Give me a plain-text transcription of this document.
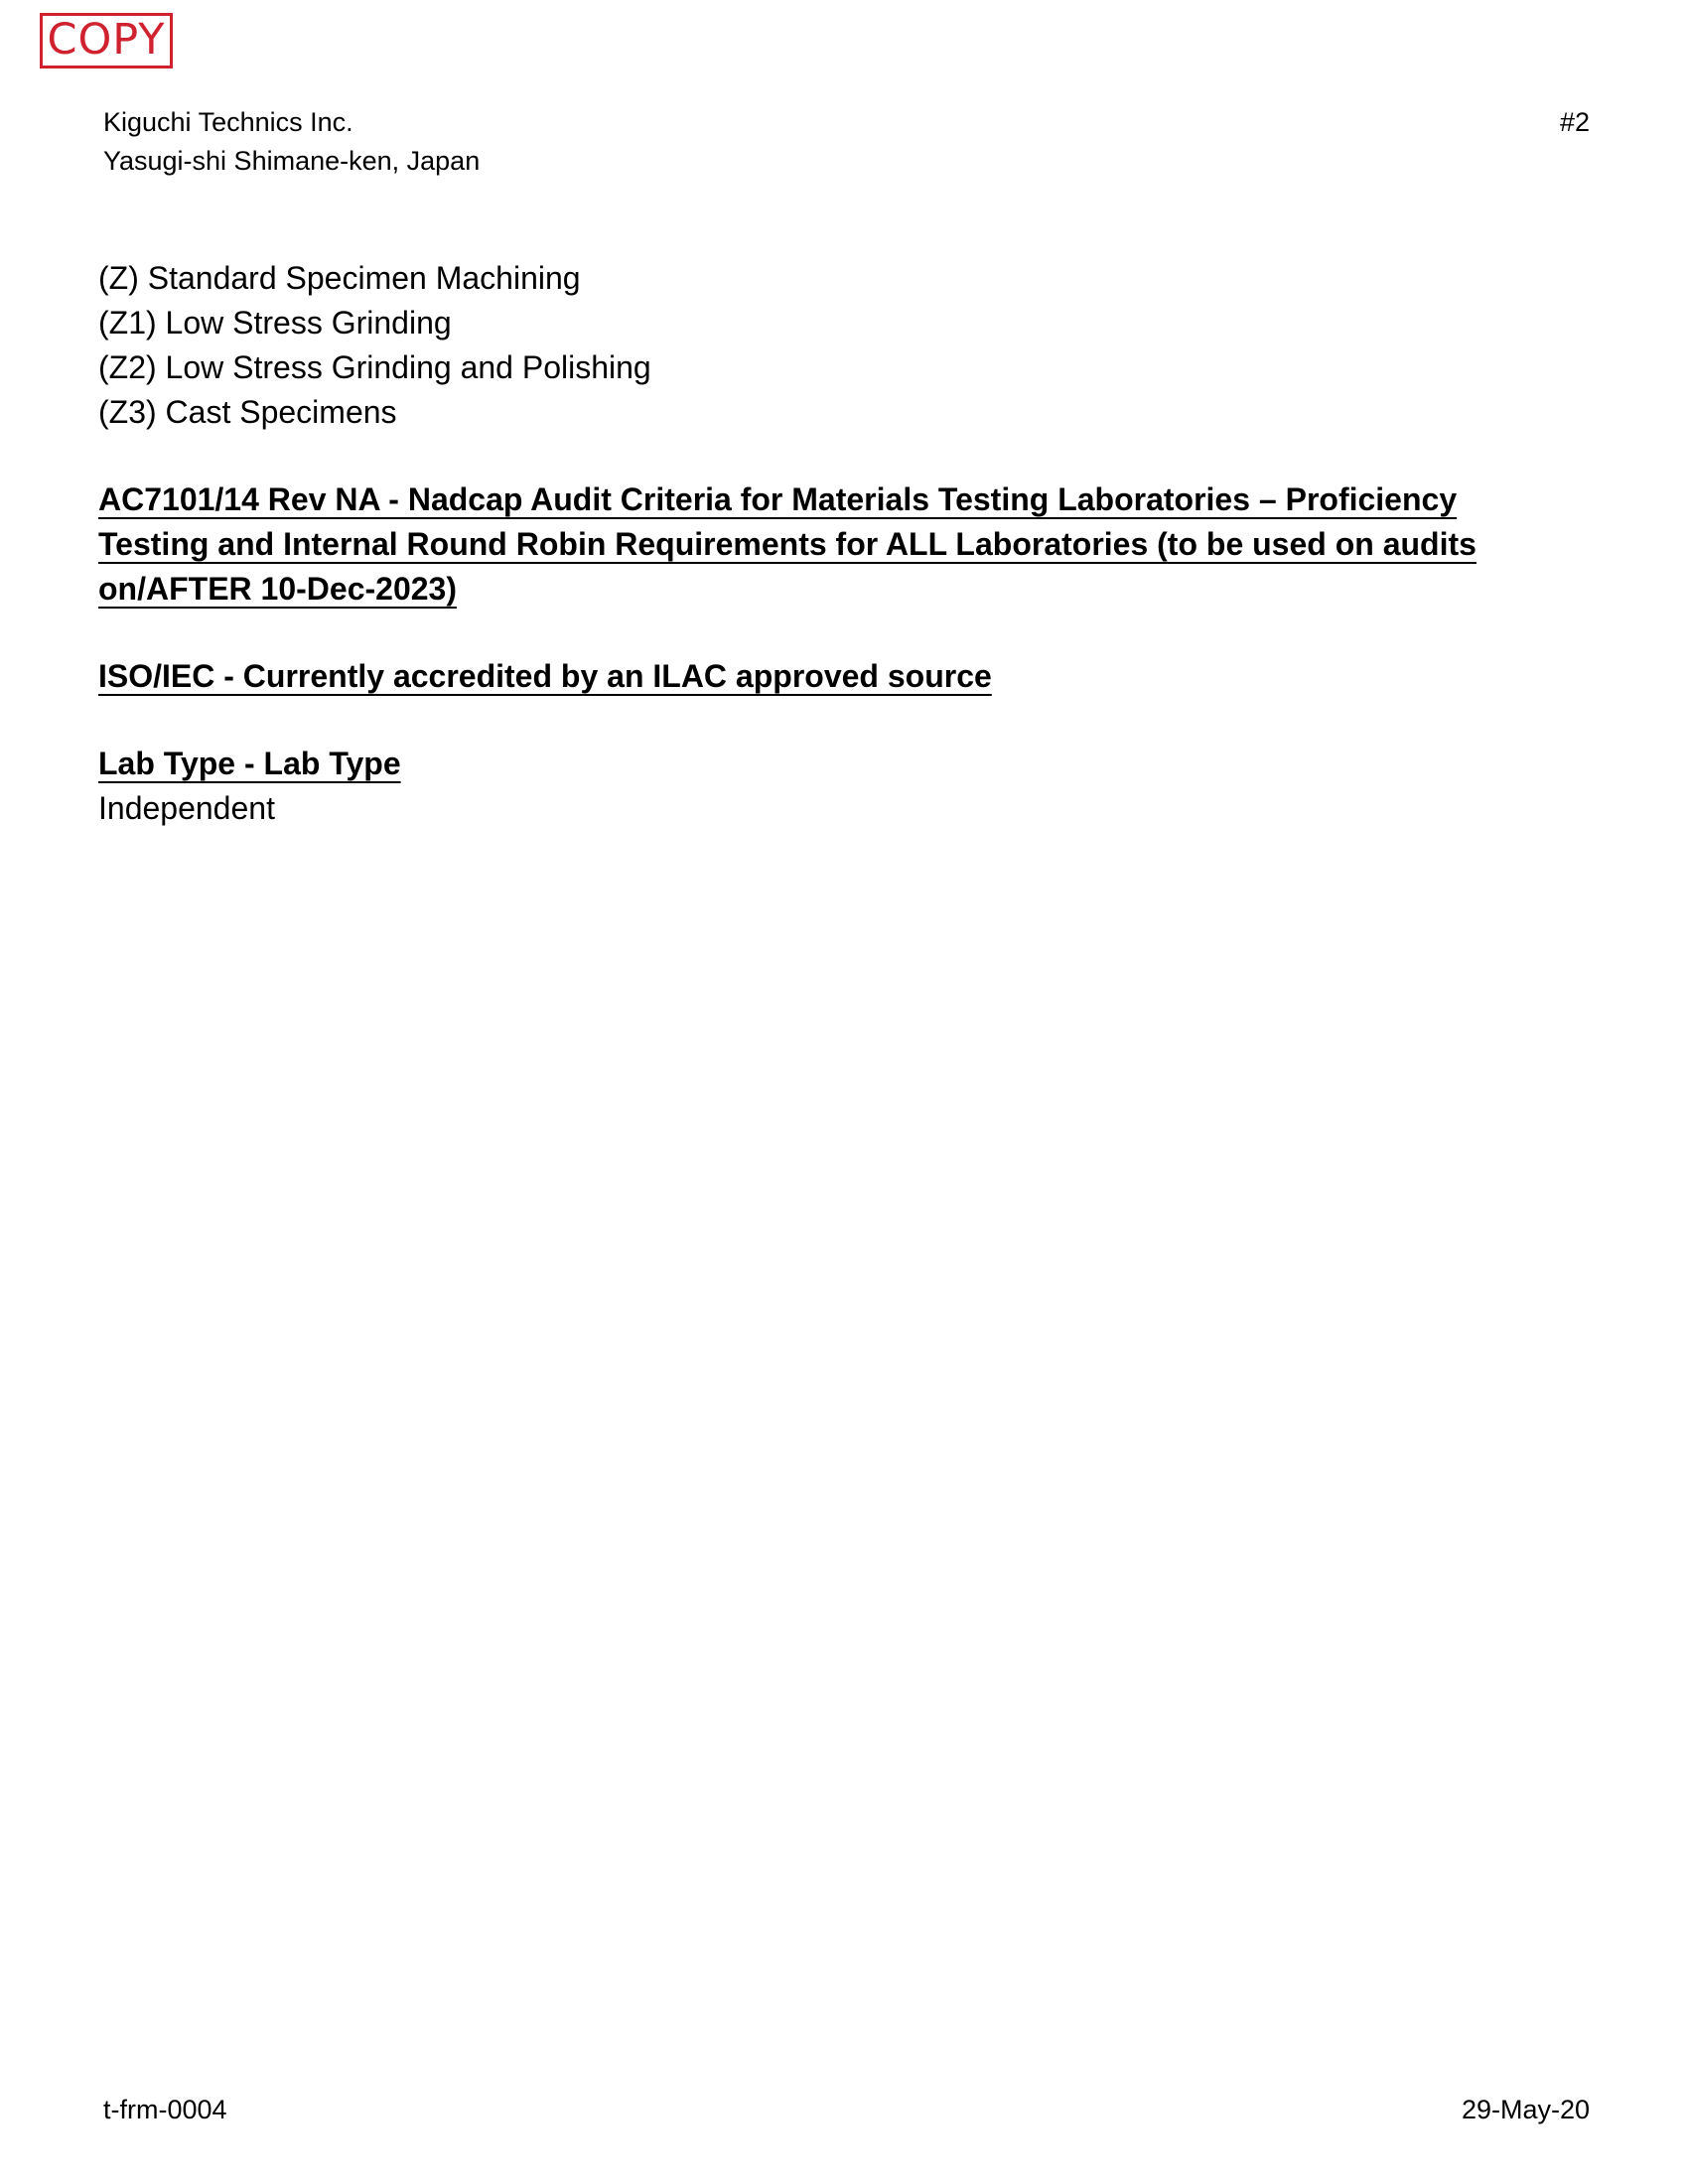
COPY
Kiguchi Technics Inc.
Yasugi-shi Shimane-ken, Japan
#2
(Z) Standard Specimen Machining
(Z1) Low Stress Grinding
(Z2) Low Stress Grinding and Polishing
(Z3) Cast Specimens
AC7101/14 Rev NA - Nadcap Audit Criteria for Materials Testing Laboratories – Proficiency Testing and Internal Round Robin Requirements for ALL Laboratories (to be used on audits on/AFTER 10-Dec-2023)
ISO/IEC - Currently accredited by an ILAC approved source
Lab Type - Lab Type
Independent
t-frm-0004	29-May-20
